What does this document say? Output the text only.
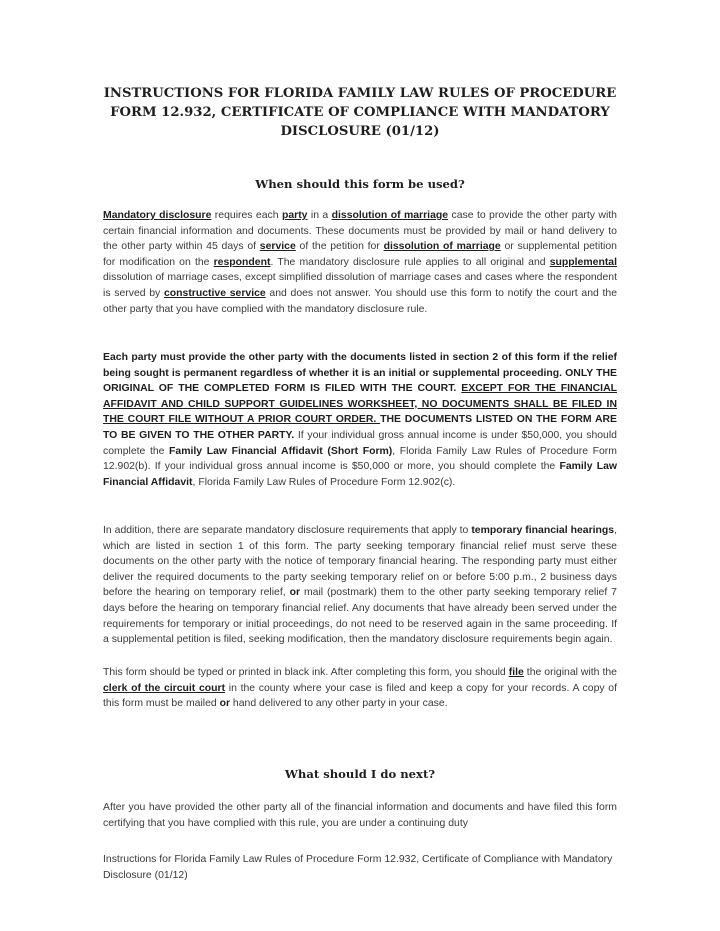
INSTRUCTIONS FOR FLORIDA FAMILY LAW RULES OF PROCEDURE FORM 12.932, CERTIFICATE OF COMPLIANCE WITH MANDATORY DISCLOSURE (01/12)
When should this form be used?

Mandatory disclosure requires each party in a dissolution of marriage case to provide the other party with certain financial information and documents. These documents must be provided by mail or hand delivery to the other party within 45 days of service of the petition for dissolution of marriage or supplemental petition for modification on the respondent. The mandatory disclosure rule applies to all original and supplemental dissolution of marriage cases, except simplified dissolution of marriage cases and cases where the respondent is served by constructive service and does not answer. You should use this form to notify the court and the other party that you have complied with the mandatory disclosure rule.

Each party must provide the other party with the documents listed in section 2 of this form if the relief being sought is permanent regardless of whether it is an initial or supplemental proceeding. ONLY THE ORIGINAL OF THE COMPLETED FORM IS FILED WITH THE COURT. EXCEPT FOR THE FINANCIAL AFFIDAVIT AND CHILD SUPPORT GUIDELINES WORKSHEET, NO DOCUMENTS SHALL BE FILED IN THE COURT FILE WITHOUT A PRIOR COURT ORDER. THE DOCUMENTS LISTED ON THE FORM ARE TO BE GIVEN TO THE OTHER PARTY. If your individual gross annual income is under $50,000, you should complete the Family Law Financial Affidavit (Short Form), Florida Family Law Rules of Procedure Form 12.902(b). If your individual gross annual income is $50,000 or more, you should complete the Family Law Financial Affidavit, Florida Family Law Rules of Procedure Form 12.902(c).

In addition, there are separate mandatory disclosure requirements that apply to temporary financial hearings, which are listed in section 1 of this form. The party seeking temporary financial relief must serve these documents on the other party with the notice of temporary financial hearing. The responding party must either deliver the required documents to the party seeking temporary relief on or before 5:00 p.m., 2 business days before the hearing on temporary relief, or mail (postmark) them to the other party seeking temporary relief 7 days before the hearing on temporary financial relief. Any documents that have already been served under the requirements for temporary or initial proceedings, do not need to be reserved again in the same proceeding. If a supplemental petition is filed, seeking modification, then the mandatory disclosure requirements begin again.

This form should be typed or printed in black ink. After completing this form, you should file the original with the clerk of the circuit court in the county where your case is filed and keep a copy for your records. A copy of this form must be mailed or hand delivered to any other party in your case.

What should I do next?

After you have provided the other party all of the financial information and documents and have filed this form certifying that you have complied with this rule, you are under a continuing duty

Instructions for Florida Family Law Rules of Procedure Form 12.932, Certificate of Compliance with Mandatory Disclosure (01/12)
